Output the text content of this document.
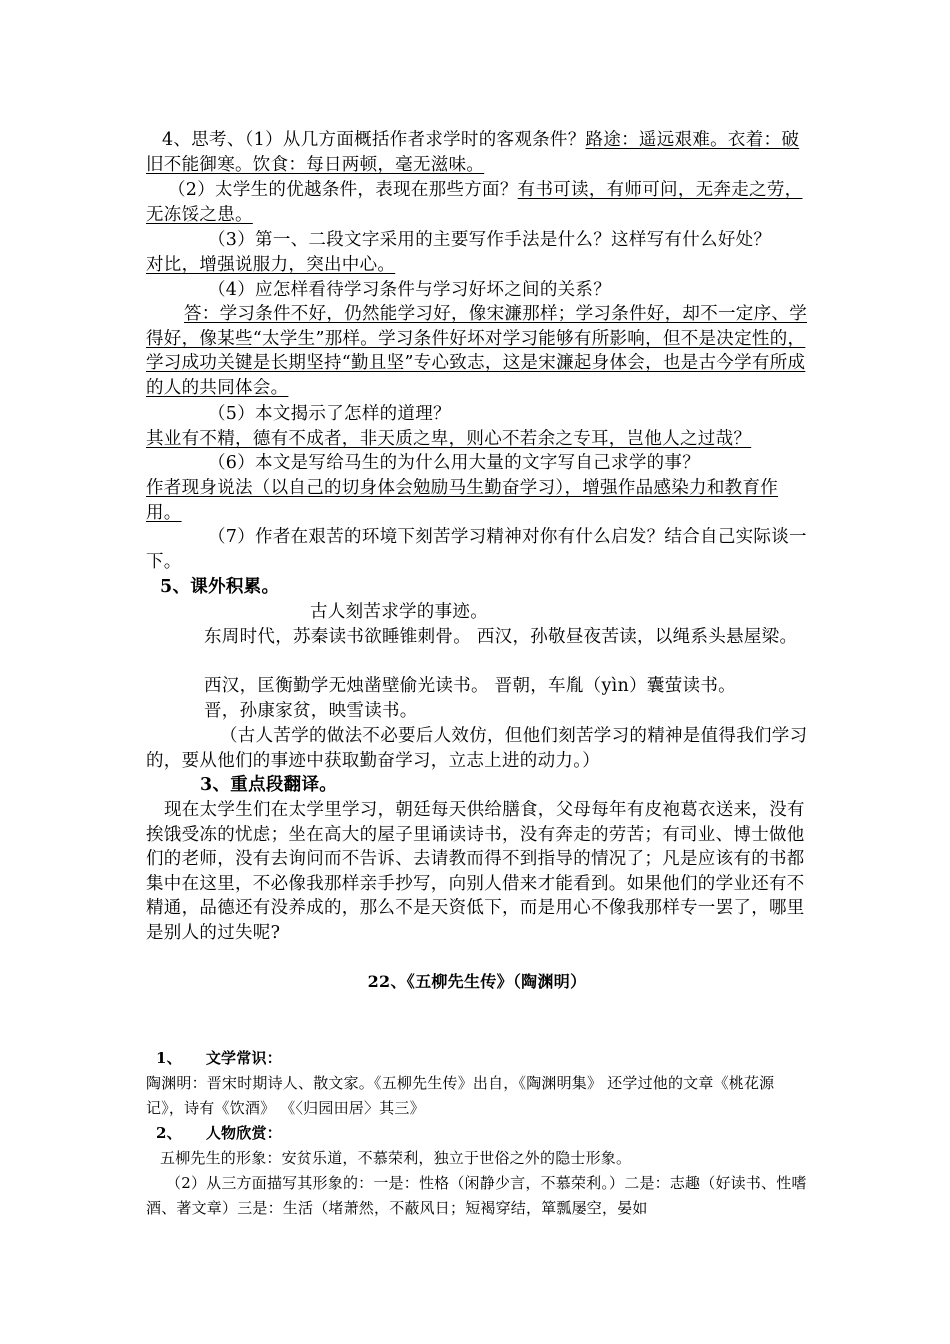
4、思考、（1）从几方面概括作者求学时的客观条件？路途：遥远艰难。衣着：破旧不能御寒。饮食：每日两顿，毫无滋味。

（2）太学生的优越条件，表现在那些方面？有书可读，有师可问，无奔走之劳，无冻馁之患。

（3）第一、二段文字采用的主要写作手法是什么？这样写有什么好处？

对比，增强说服力，突出中心。

（4）应怎样看待学习条件与学习好坏之间的关系？

答：学习条件不好，仍然能学习好，像宋濂那样；学习条件好，却不一定序、学得好，像某些“太学生”那样。学习条件好坏对学习能够有所影响，但不是决定性的，学习成功关键是长期坚持“勤且坚”专心致志，这是宋濂起身体会，也是古今学有所成的人的共同体会。

（5）本文揭示了怎样的道理？

其业有不精，德有不成者，非天质之卑，则心不若余之专耳，岂他人之过哉？

（6）本文是写给马生的为什么用大量的文字写自己求学的事？

作者现身说法（以自己的切身体会勉励马生勤奋学习），增强作品感染力和教育作用。

（7）作者在艰苦的环境下刻苦学习精神对你有什么启发？结合自己实际谈一下。

5、课外积累。

古人刻苦求学的事迹。

东周时代，苏秦读书欲睡锥刺骨。 西汉，孙敬昼夜苦读，以绳系头悬屋梁。

西汉，匡衡勤学无烛凿壁偷光读书。 晋朝，车胤（yìn）囊萤读书。

晋，孙康家贫，映雪读书。

（古人苦学的做法不必要后人效仿，但他们刻苦学习的精神是值得我们学习的，要从他们的事迹中获取勤奋学习，立志上进的动力。）

3、重点段翻译。

现在太学生们在太学里学习，朝廷每天供给膳食，父母每年有皮袍葛衣送来，没有挨饿受冻的忧虑；坐在高大的屋子里诵读诗书，没有奔走的劳苦；有司业、博士做他们的老师，没有去询问而不告诉、去请教而得不到指导的情况了；凡是应该有的书都集中在这里，不必像我那样亲手抄写，向别人借来才能看到。如果他们的学业还有不精通，品德还有没养成的，那么不是天资低下，而是用心不像我那样专一罢了，哪里是别人的过失呢?

22、《五柳先生传》（陶渊明）

1、 文学常识：

陶渊明：晋宋时期诗人、散文家。《五柳先生传》出自，《陶渊明集》 还学过他的文章《桃花源记》，诗有《饮酒》 《〈归园田居〉其三》

2、 人物欣赏：

五柳先生的形象：安贫乐道，不慕荣利，独立于世俗之外的隐士形象。

（2）从三方面描写其形象的：一是：性格（闲静少言，不慕荣利。）二是：志趣（好读书、性嗜酒、著文章）三是：生活（堵萧然，不蔽风日；短褐穿结，箪瓢屡空，晏如
